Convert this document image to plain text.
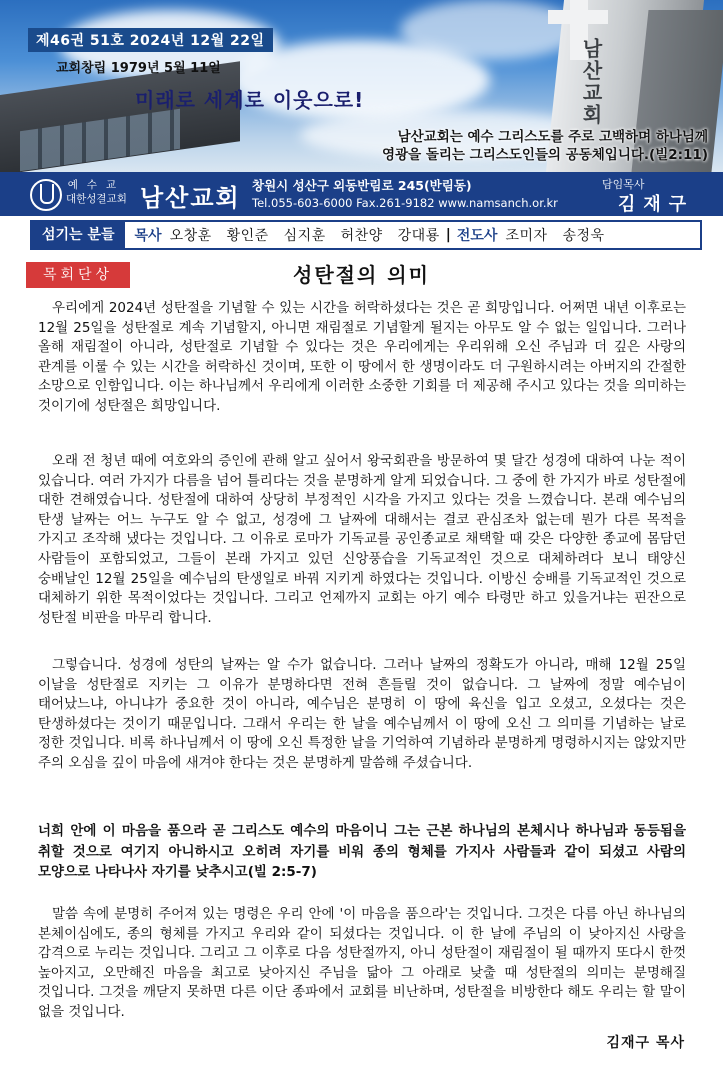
남산교회
제46권 51호 2024년 12월 22일
교회창립 1979년 5월 11일
미래로 세계로 이웃으로!
남산교회는 예수 그리스도를 주로 고백하며 하나님께
영광을 돌리는 그리스도인들의 공동체입니다.(빌2:11)
예수교
대한성결교회 남산교회 창원시 성산구 외동반림로 245(반림동)
Tel.055-603-6000 Fax.261-9182 www.namsanch.or.kr
담임목사
김재구
섬기는 분들	목사 오창훈 황인준 심지훈 허찬양 강대룡 | 전도사 조미자 송정욱
목회단상	성탄절의 의미
우리에게 2024년 성탄절을 기념할 수 있는 시간을 허락하셨다는 것은 곧 희망입니다. 어쩌면 내년 이후로는 12월 25일을 성탄절로 계속 기념할지, 아니면 재림절로 기념할게 될지는 아무도 알 수 없는 일입니다. 그러나 올해 재림절이 아니라, 성탄절로 기념할 수 있다는 것은 우리에게는 우리위해 오신 주님과 더 깊은 사랑의 관계를 이룰 수 있는 시간을 허락하신 것이며, 또한 이 땅에서 한 생명이라도 더 구원하시려는 아버지의 간절한 소망으로 인함입니다. 이는 하나님께서 우리에게 이러한 소중한 기회를 더 제공해 주시고 있다는 것을 의미하는 것이기에 성탄절은 희망입니다.
오래 전 청년 때에 여호와의 증인에 관해 알고 싶어서 왕국회관을 방문하여 몇 달간 성경에 대하여 나눈 적이 있습니다. 여러 가지가 다름을 넘어 틀리다는 것을 분명하게 알게 되었습니다. 그 중에 한 가지가 바로 성탄절에 대한 견해였습니다. 성탄절에 대하여 상당히 부정적인 시각을 가지고 있다는 것을 느꼈습니다. 본래 예수님의 탄생 날짜는 어느 누구도 알 수 없고, 성경에 그 날짜에 대해서는 결코 관심조차 없는데 뭔가 다른 목적을 가지고 조작해 냈다는 것입니다. 그 이유로 로마가 기독교를 공인종교로 채택할 때 갖은 다양한 종교에 몸담던 사람들이 포함되었고, 그들이 본래 가지고 있던 신앙풍습을 기독교적인 것으로 대체하려다 보니 태양신 숭배날인 12월 25일을 예수님의 탄생일로 바꿔 지키게 하였다는 것입니다. 이방신 숭배를 기독교적인 것으로 대체하기 위한 목적이었다는 것입니다. 그리고 언제까지 교회는 아기 예수 타령만 하고 있을거냐는 핀잔으로 성탄절 비판을 마무리 합니다.
그렇습니다. 성경에 성탄의 날짜는 알 수가 없습니다. 그러나 날짜의 정확도가 아니라, 매해 12월 25일 이날을 성탄절로 지키는 그 이유가 분명하다면 전혀 흔들릴 것이 없습니다. 그 날짜에 정말 예수님이 태어났느냐, 아니냐가 중요한 것이 아니라, 예수님은 분명히 이 땅에 육신을 입고 오셨고, 오셨다는 것은 탄생하셨다는 것이기 때문입니다. 그래서 우리는 한 날을 예수님께서 이 땅에 오신 그 의미를 기념하는 날로 정한 것입니다. 비록 하나님께서 이 땅에 오신 특정한 날을 기억하여 기념하라 분명하게 명령하시지는 않았지만 주의 오심을 깊이 마음에 새겨야 한다는 것은 분명하게 말씀해 주셨습니다.
너희 안에 이 마음을 품으라 곧 그리스도 예수의 마음이니 그는 근본 하나님의 본체시나 하나님과 동등됨을 취할 것으로 여기지 아니하시고 오히려 자기를 비워 종의 형체를 가지사 사람들과 같이 되셨고 사람의 모양으로 나타나사 자기를 낮추시고(빌 2:5-7)
말씀 속에 분명히 주어져 있는 명령은 우리 안에 '이 마음을 품으라'는 것입니다. 그것은 다름 아닌 하나님의 본체이심에도, 종의 형체를 가지고 우리와 같이 되셨다는 것입니다. 이 한 날에 주님의 이 낮아지신 사랑을 감격으로 누리는 것입니다. 그리고 그 이후로 다음 성탄절까지, 아니 성탄절이 재림절이 될 때까지 또다시 한껏 높아지고, 오만해진 마음을 최고로 낮아지신 주님을 닮아 그 아래로 낮출 때 성탄절의 의미는 분명해질 것입니다. 그것을 깨닫지 못하면 다른 이단 종파에서 교회를 비난하며, 성탄절을 비방한다 해도 우리는 할 말이 없을 것입니다.
김재구 목사
